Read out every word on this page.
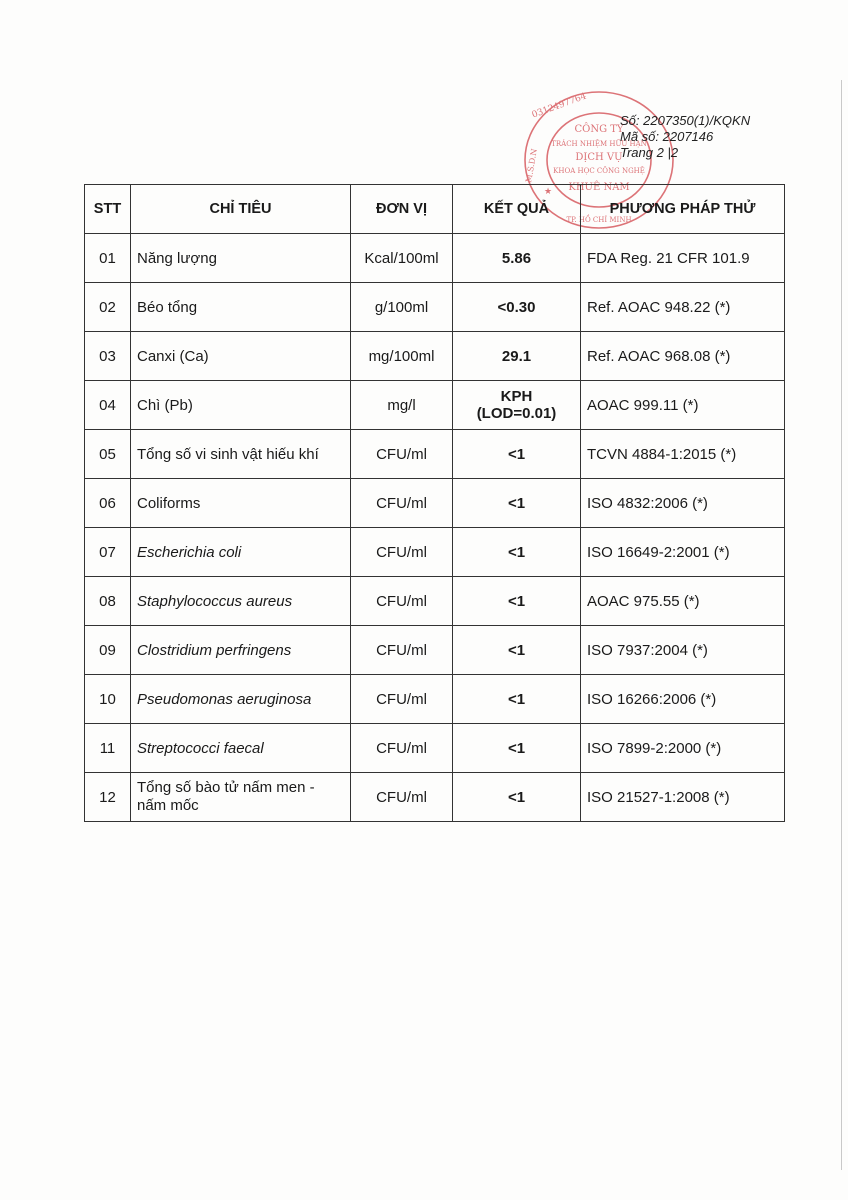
CÔNG TY
TRÁCH NHIỆM HỮU HẠN
DỊCH VỤ
KHOA HỌC CÔNG NGHỆ
KHUÊ NAM
0312497764
M.S.D.N
TP. HỒ CHÍ MINH
★
Số: 2207350(1)/KQKN
Mã số: 2207146
Trang 2 |2
STT	CHỈ TIÊU	ĐƠN VỊ	KẾT QUẢ	PHƯƠNG PHÁP THỬ
01	Năng lượng	Kcal/100ml	5.86	FDA Reg. 21 CFR 101.9
02	Béo tổng	g/100ml	<0.30	Ref. AOAC 948.22 (*)
03	Canxi (Ca)	mg/100ml	29.1	Ref. AOAC 968.08 (*)
04	Chì (Pb)	mg/l	KPH (LOD=0.01)	AOAC 999.11 (*)
05	Tổng số vi sinh vật hiếu khí	CFU/ml	<1	TCVN 4884-1:2015 (*)
06	Coliforms	CFU/ml	<1	ISO 4832:2006 (*)
07	Escherichia coli	CFU/ml	<1	ISO 16649-2:2001 (*)
08	Staphylococcus aureus	CFU/ml	<1	AOAC 975.55 (*)
09	Clostridium perfringens	CFU/ml	<1	ISO 7937:2004 (*)
10	Pseudomonas aeruginosa	CFU/ml	<1	ISO 16266:2006 (*)
11	Streptococci faecal	CFU/ml	<1	ISO 7899-2:2000 (*)
12	Tổng số bào tử nấm men - nấm mốc	CFU/ml	<1	ISO 21527-1:2008 (*)
